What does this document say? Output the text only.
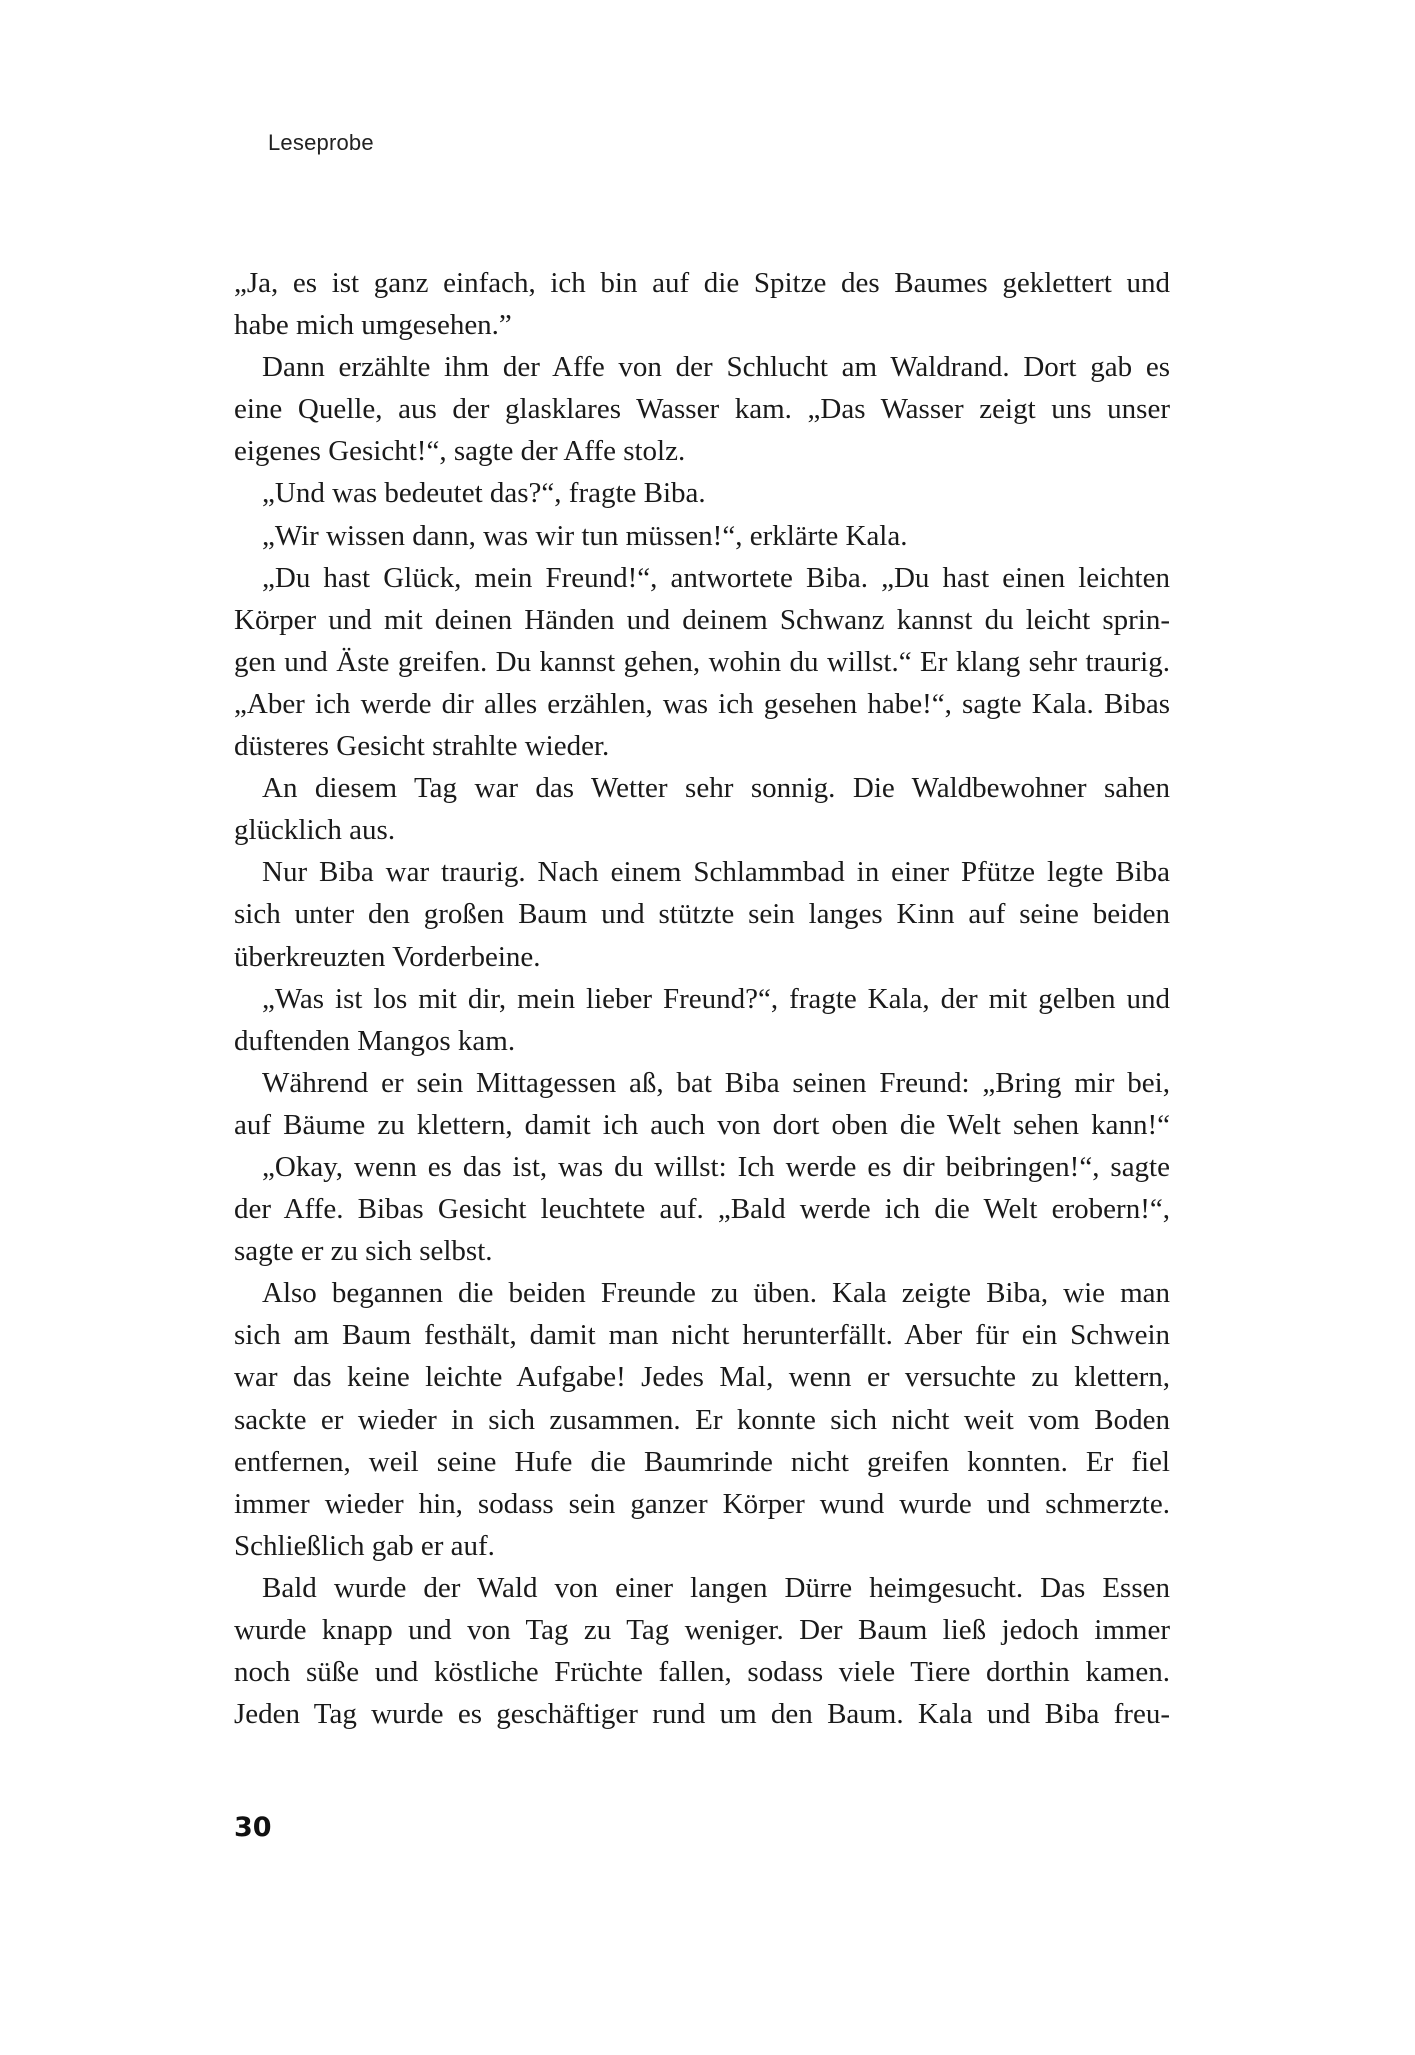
Leseprobe
„Ja, es ist ganz einfach, ich bin auf die Spitze des Baumes geklettert und
habe mich umgesehen.”
Dann erzählte ihm der Affe von der Schlucht am Waldrand. Dort gab es
eine Quelle, aus der glasklares Wasser kam. „Das Wasser zeigt uns unser
eigenes Gesicht!“, sagte der Affe stolz.
„Und was bedeutet das?“, fragte Biba.
„Wir wissen dann, was wir tun müssen!“, erklärte Kala.
„Du hast Glück, mein Freund!“, antwortete Biba. „Du hast einen leichten
Körper und mit deinen Händen und deinem Schwanz kannst du leicht sprin-
gen und Äste greifen. Du kannst gehen, wohin du willst.“ Er klang sehr traurig.
„Aber ich werde dir alles erzählen, was ich gesehen habe!“, sagte Kala. Bibas
düsteres Gesicht strahlte wieder.
An diesem Tag war das Wetter sehr sonnig. Die Waldbewohner sahen
glücklich aus.
Nur Biba war traurig. Nach einem Schlammbad in einer Pfütze legte Biba
sich unter den großen Baum und stützte sein langes Kinn auf seine beiden
überkreuzten Vorderbeine.
„Was ist los mit dir, mein lieber Freund?“, fragte Kala, der mit gelben und
duftenden Mangos kam.
Während er sein Mittagessen aß, bat Biba seinen Freund: „Bring mir bei,
auf Bäume zu klettern, damit ich auch von dort oben die Welt sehen kann!“
„Okay, wenn es das ist, was du willst: Ich werde es dir beibringen!“, sagte
der Affe. Bibas Gesicht leuchtete auf. „Bald werde ich die Welt erobern!“,
sagte er zu sich selbst.
Also begannen die beiden Freunde zu üben. Kala zeigte Biba, wie man
sich am Baum festhält, damit man nicht herunterfällt. Aber für ein Schwein
war das keine leichte Aufgabe! Jedes Mal, wenn er versuchte zu klettern,
sackte er wieder in sich zusammen. Er konnte sich nicht weit vom Boden
entfernen, weil seine Hufe die Baumrinde nicht greifen konnten. Er fiel
immer wieder hin, sodass sein ganzer Körper wund wurde und schmerzte.
Schließlich gab er auf.
Bald wurde der Wald von einer langen Dürre heimgesucht. Das Essen
wurde knapp und von Tag zu Tag weniger. Der Baum ließ jedoch immer
noch süße und köstliche Früchte fallen, sodass viele Tiere dorthin kamen.
Jeden Tag wurde es geschäftiger rund um den Baum. Kala und Biba freu-
30
